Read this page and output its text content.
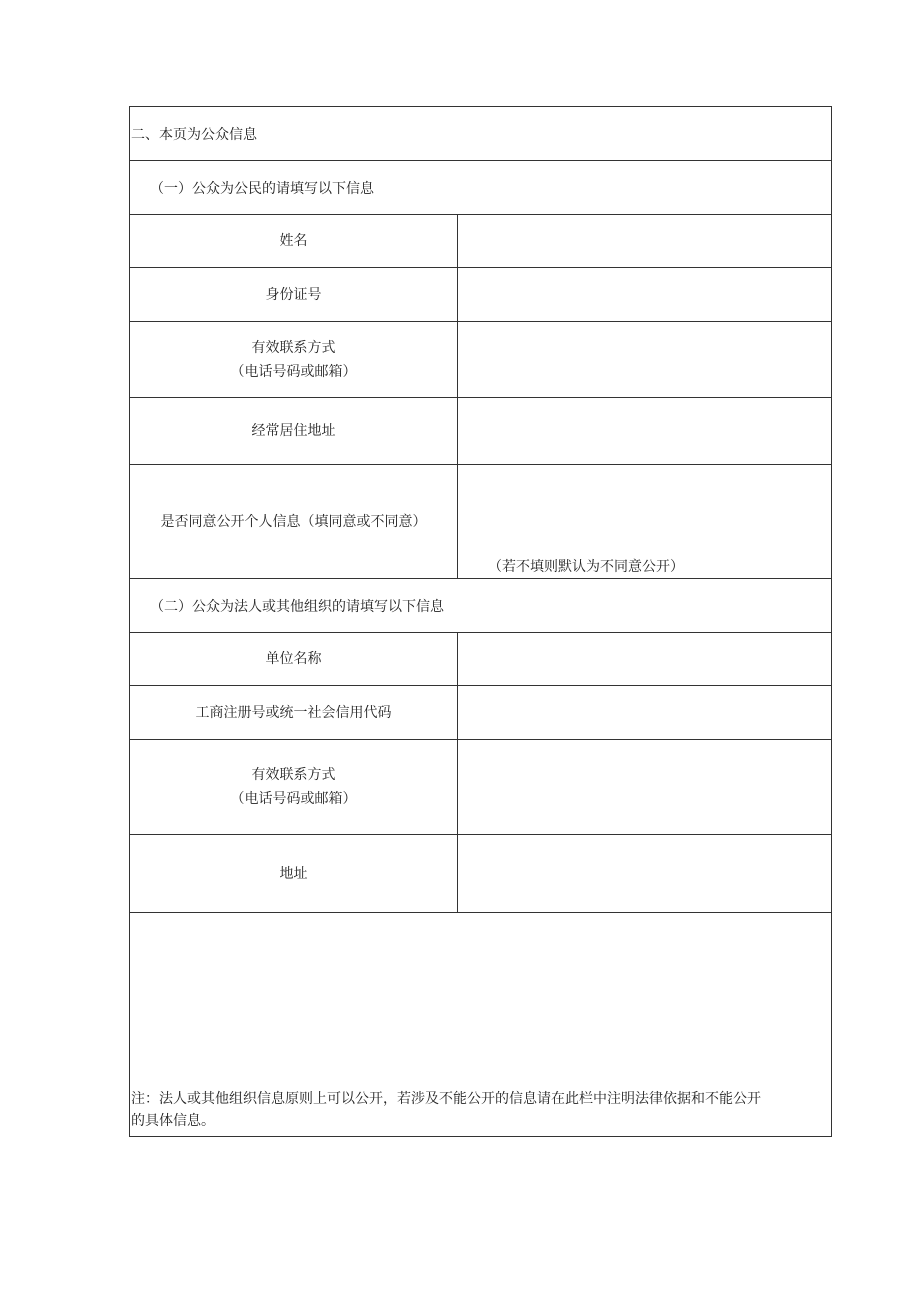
二、本页为公众信息
（一）公众为公民的请填写以下信息
姓名
身份证号
有效联系方式
（电话号码或邮箱）
经常居住地址
是否同意公开个人信息（填同意或不同意）
（若不填则默认为不同意公开）
（二）公众为法人或其他组织的请填写以下信息
单位名称
工商注册号或统一社会信用代码
有效联系方式
（电话号码或邮箱）
地址
注：法人或其他组织信息原则上可以公开，若涉及不能公开的信息请在此栏中注明法律依据和不能公开
的具体信息。
